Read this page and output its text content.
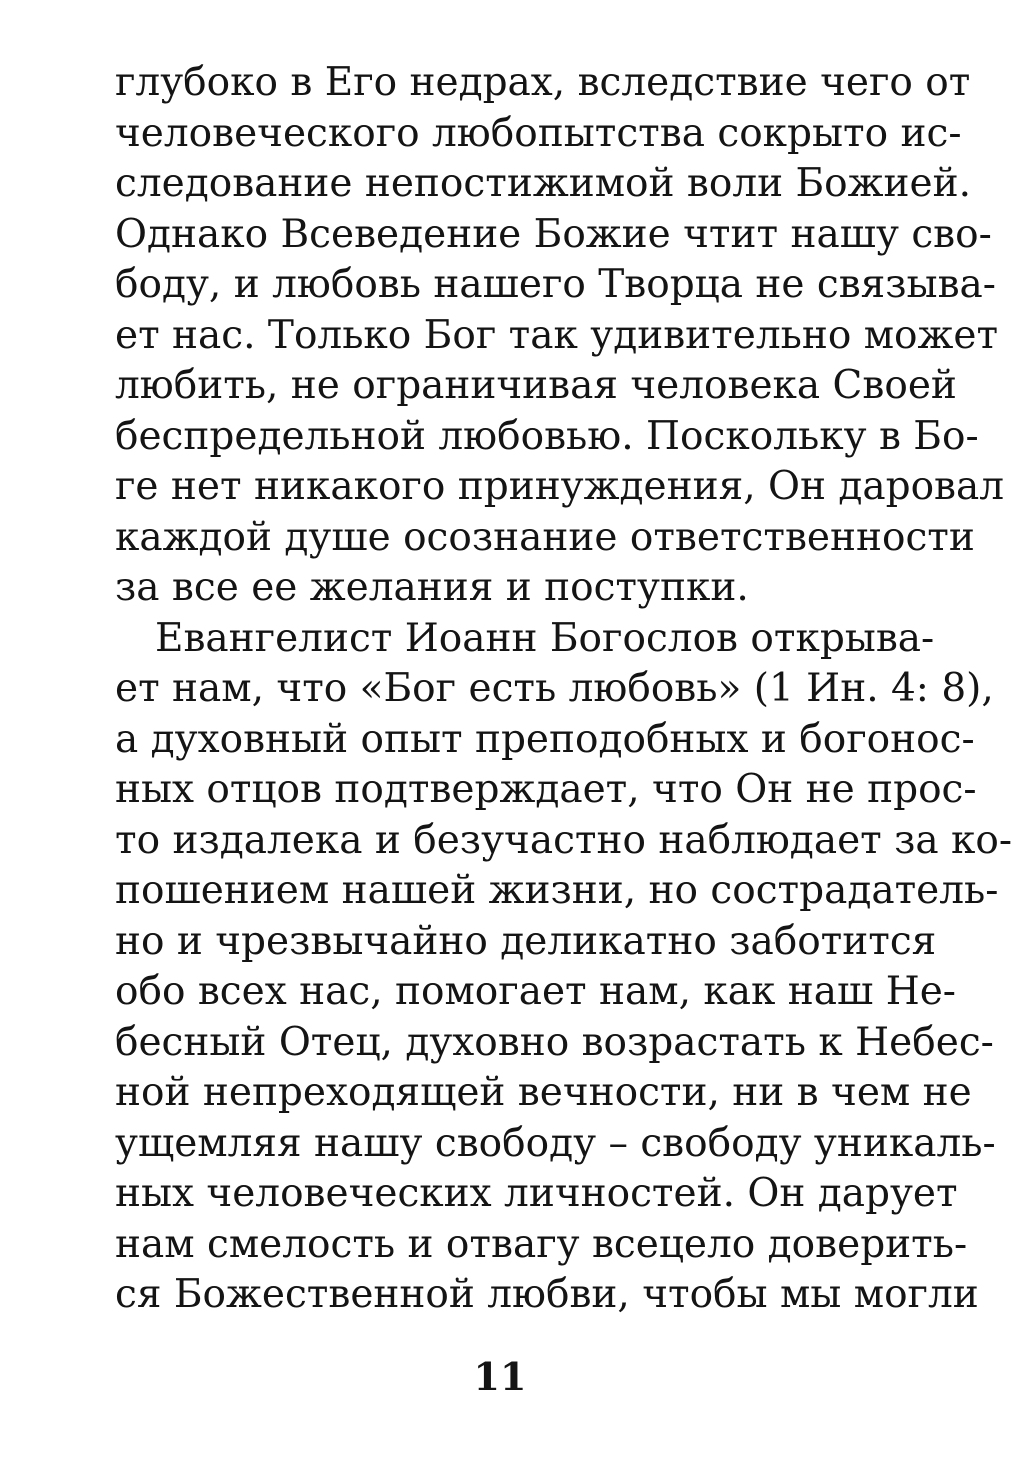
глубоко в Его недрах, вследствие чего от
человеческого любопытства сокрыто ис-
следование непостижимой воли Божией.
Однако Всеведение Божие чтит нашу сво-
боду, и любовь нашего Творца не связыва-
ет нас. Только Бог так удивительно может
любить, не ограничивая человека Своей
беспредельной любовью. Поскольку в Бо-
ге нет никакого принуждения, Он даровал
каждой душе осознание ответственности
за все ее желания и поступки.
Евангелист Иоанн Богослов открыва-
ет нам, что «Бог есть любовь» (1 Ин. 4: 8),
а духовный опыт преподобных и богонос-
ных отцов подтверждает, что Он не прос-
то издалека и безучастно наблюдает за ко-
пошением нашей жизни, но сострадатель-
но и чрезвычайно деликатно заботится
обо всех нас, помогает нам, как наш Не-
бесный Отец, духовно возрастать к Небес-
ной непреходящей вечности, ни в чем не
ущемляя нашу свободу – свободу уникаль-
ных человеческих личностей. Он дарует
нам смелость и отвагу всецело доверить-
ся Божественной любви, чтобы мы могли
11
